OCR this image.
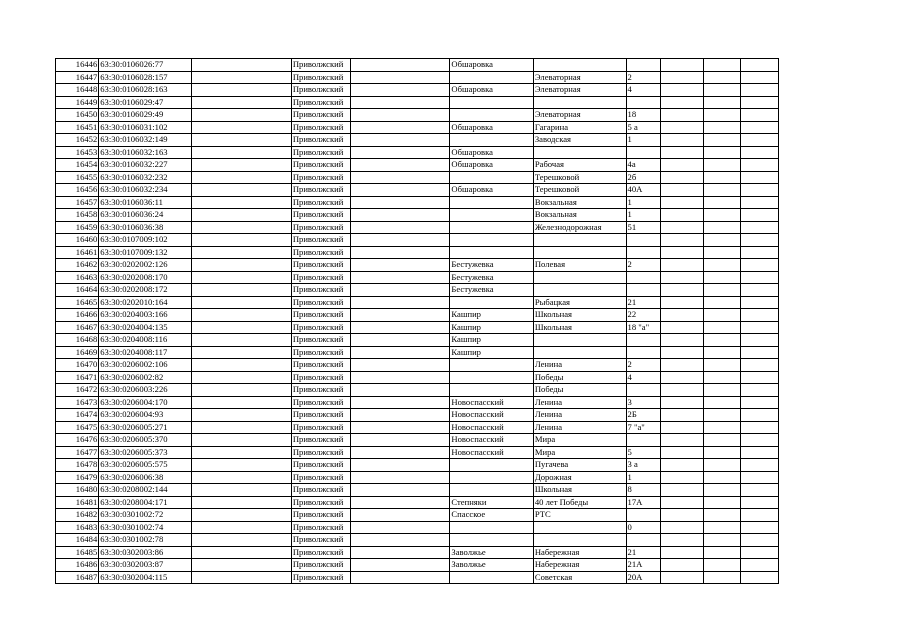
16446	63:30:0106026:77		Приволжский		Обшаровка					
16447	63:30:0106028:157		Приволжский			Элеваторная	2			
16448	63:30:0106028:163		Приволжский		Обшаровка	Элеваторная	4			
16449	63:30:0106029:47		Приволжский							
16450	63:30:0106029:49		Приволжский			Элеваторная	18			
16451	63:30:0106031:102		Приволжский		Обшаровка	Гагарина	5 а			
16452	63:30:0106032:149		Приволжский			Заводская	1			
16453	63:30:0106032:163		Приволжский		Обшаровка					
16454	63:30:0106032:227		Приволжский		Обшаровка	Рабочая	4а			
16455	63:30:0106032:232		Приволжский			Терешковой	2б			
16456	63:30:0106032:234		Приволжский		Обшаровка	Терешковой	40А			
16457	63:30:0106036:11		Приволжский			Вокзальная	1			
16458	63:30:0106036:24		Приволжский			Вокзальная	1			
16459	63:30:0106036:38		Приволжский			Железнодорожная	51			
16460	63:30:0107009:102		Приволжский							
16461	63:30:0107009:132		Приволжский							
16462	63:30:0202002:126		Приволжский		Бестужевка	Полевая	2			
16463	63:30:0202008:170		Приволжский		Бестужевка					
16464	63:30:0202008:172		Приволжский		Бестужевка					
16465	63:30:0202010:164		Приволжский			Рыбацкая	21			
16466	63:30:0204003:166		Приволжский		Кашпир	Школьная	22			
16467	63:30:0204004:135		Приволжский		Кашпир	Школьная	18 "а"			
16468	63:30:0204008:116		Приволжский		Кашпир					
16469	63:30:0204008:117		Приволжский		Кашпир					
16470	63:30:0206002:106		Приволжский			Ленина	2			
16471	63:30:0206002:82		Приволжский			Победы	4			
16472	63:30:0206003:226		Приволжский			Победы				
16473	63:30:0206004:170		Приволжский		Новоспасский	Ленина	3			
16474	63:30:0206004:93		Приволжский		Новоспасский	Ленина	2Б			
16475	63:30:0206005:271		Приволжский		Новоспасский	Ленина	7 "а"			
16476	63:30:0206005:370		Приволжский		Новоспасский	Мира				
16477	63:30:0206005:373		Приволжский		Новоспасский	Мира	5			
16478	63:30:0206005:575		Приволжский			Пугачева	3 а			
16479	63:30:0206006:38		Приволжский			Дорожная	1			
16480	63:30:0208002:144		Приволжский			Школьная	8			
16481	63:30:0208004:171		Приволжский		Степняки	40 лет Победы	17А			
16482	63:30:0301002:72		Приволжский		Спасское	РТС				
16483	63:30:0301002:74		Приволжский				0			
16484	63:30:0301002:78		Приволжский							
16485	63:30:0302003:86		Приволжский		Заволжье	Набережная	21			
16486	63:30:0302003:87		Приволжский		Заволжье	Набережная	21А			
16487	63:30:0302004:115		Приволжский			Советская	20А			
